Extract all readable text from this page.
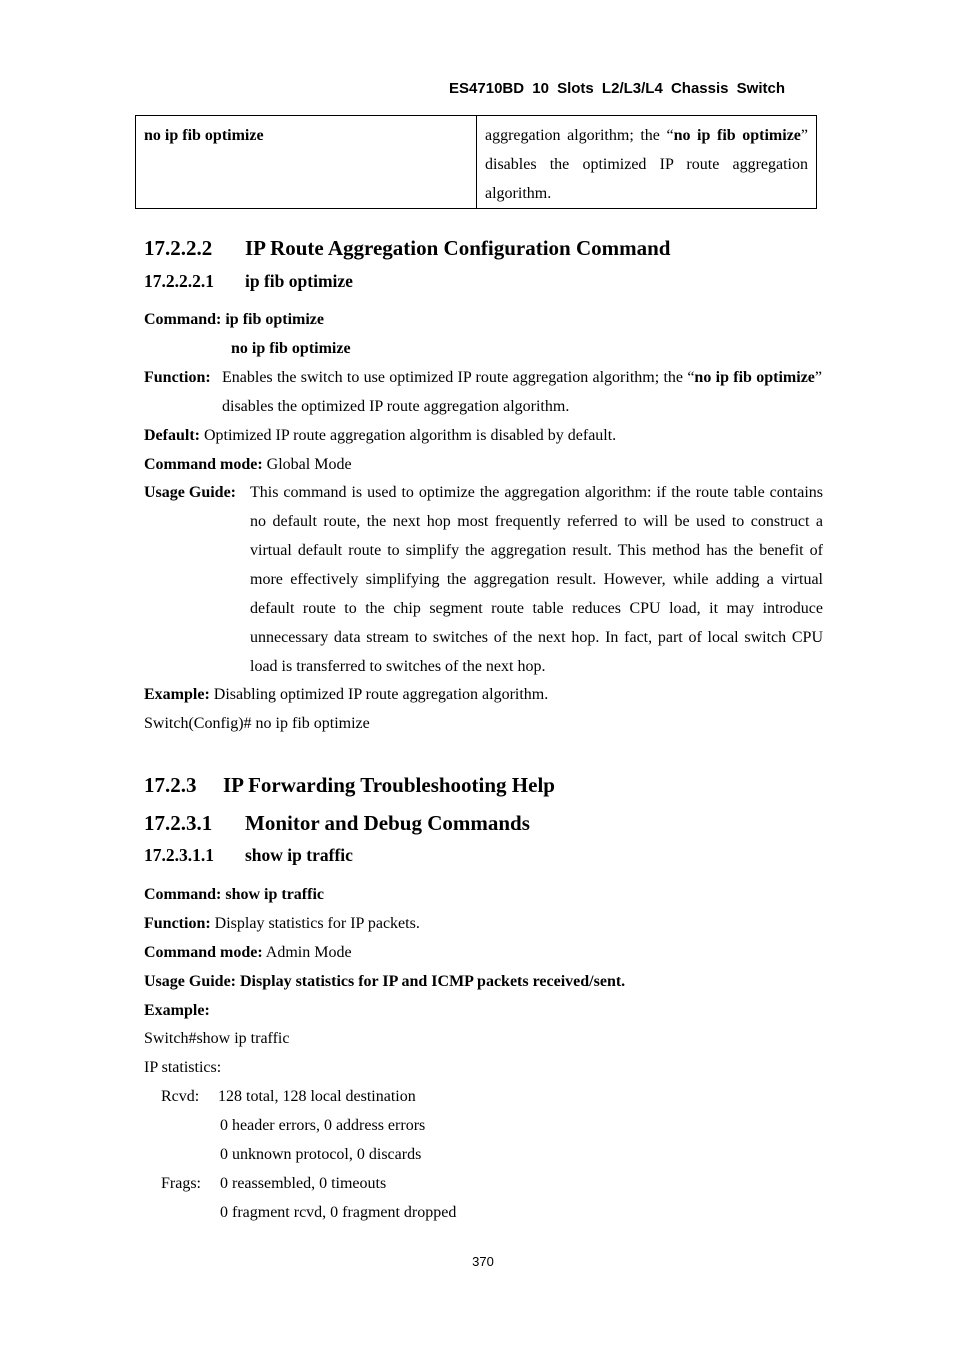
ES4710BD 10 Slots L2/L3/L4 Chassis Switch
no ip fib optimize	aggregation algorithm; the “no ip fib optimize” disables the optimized IP route aggregation algorithm.
17.2.2.2 IP Route Aggregation Configuration Command
17.2.2.2.1 ip fib optimize
Command: ip fib optimize
no ip fib optimize
Function: Enables the switch to use optimized IP route aggregation algorithm; the “no ip fib optimize” disables the optimized IP route aggregation algorithm.
Default: Optimized IP route aggregation algorithm is disabled by default.
Command mode: Global Mode
Usage Guide: This command is used to optimize the aggregation algorithm: if the route table contains no default route, the next hop most frequently referred to will be used to construct a virtual default route to simplify the aggregation result. This method has the benefit of more effectively simplifying the aggregation result. However, while adding a virtual default route to the chip segment route table reduces CPU load, it may introduce unnecessary data stream to switches of the next hop. In fact, part of local switch CPU load is transferred to switches of the next hop.
Example: Disabling optimized IP route aggregation algorithm.
Switch(Config)# no ip fib optimize
17.2.3 IP Forwarding Troubleshooting Help
17.2.3.1 Monitor and Debug Commands
17.2.3.1.1 show ip traffic
Command: show ip traffic
Function: Display statistics for IP packets.
Command mode: Admin Mode
Usage Guide: Display statistics for IP and ICMP packets received/sent.
Example:
Switch#show ip traffic
IP statistics:
Rcvd: 128 total, 128 local destination
0 header errors, 0 address errors
0 unknown protocol, 0 discards
Frags: 0 reassembled, 0 timeouts
0 fragment rcvd, 0 fragment dropped
370
